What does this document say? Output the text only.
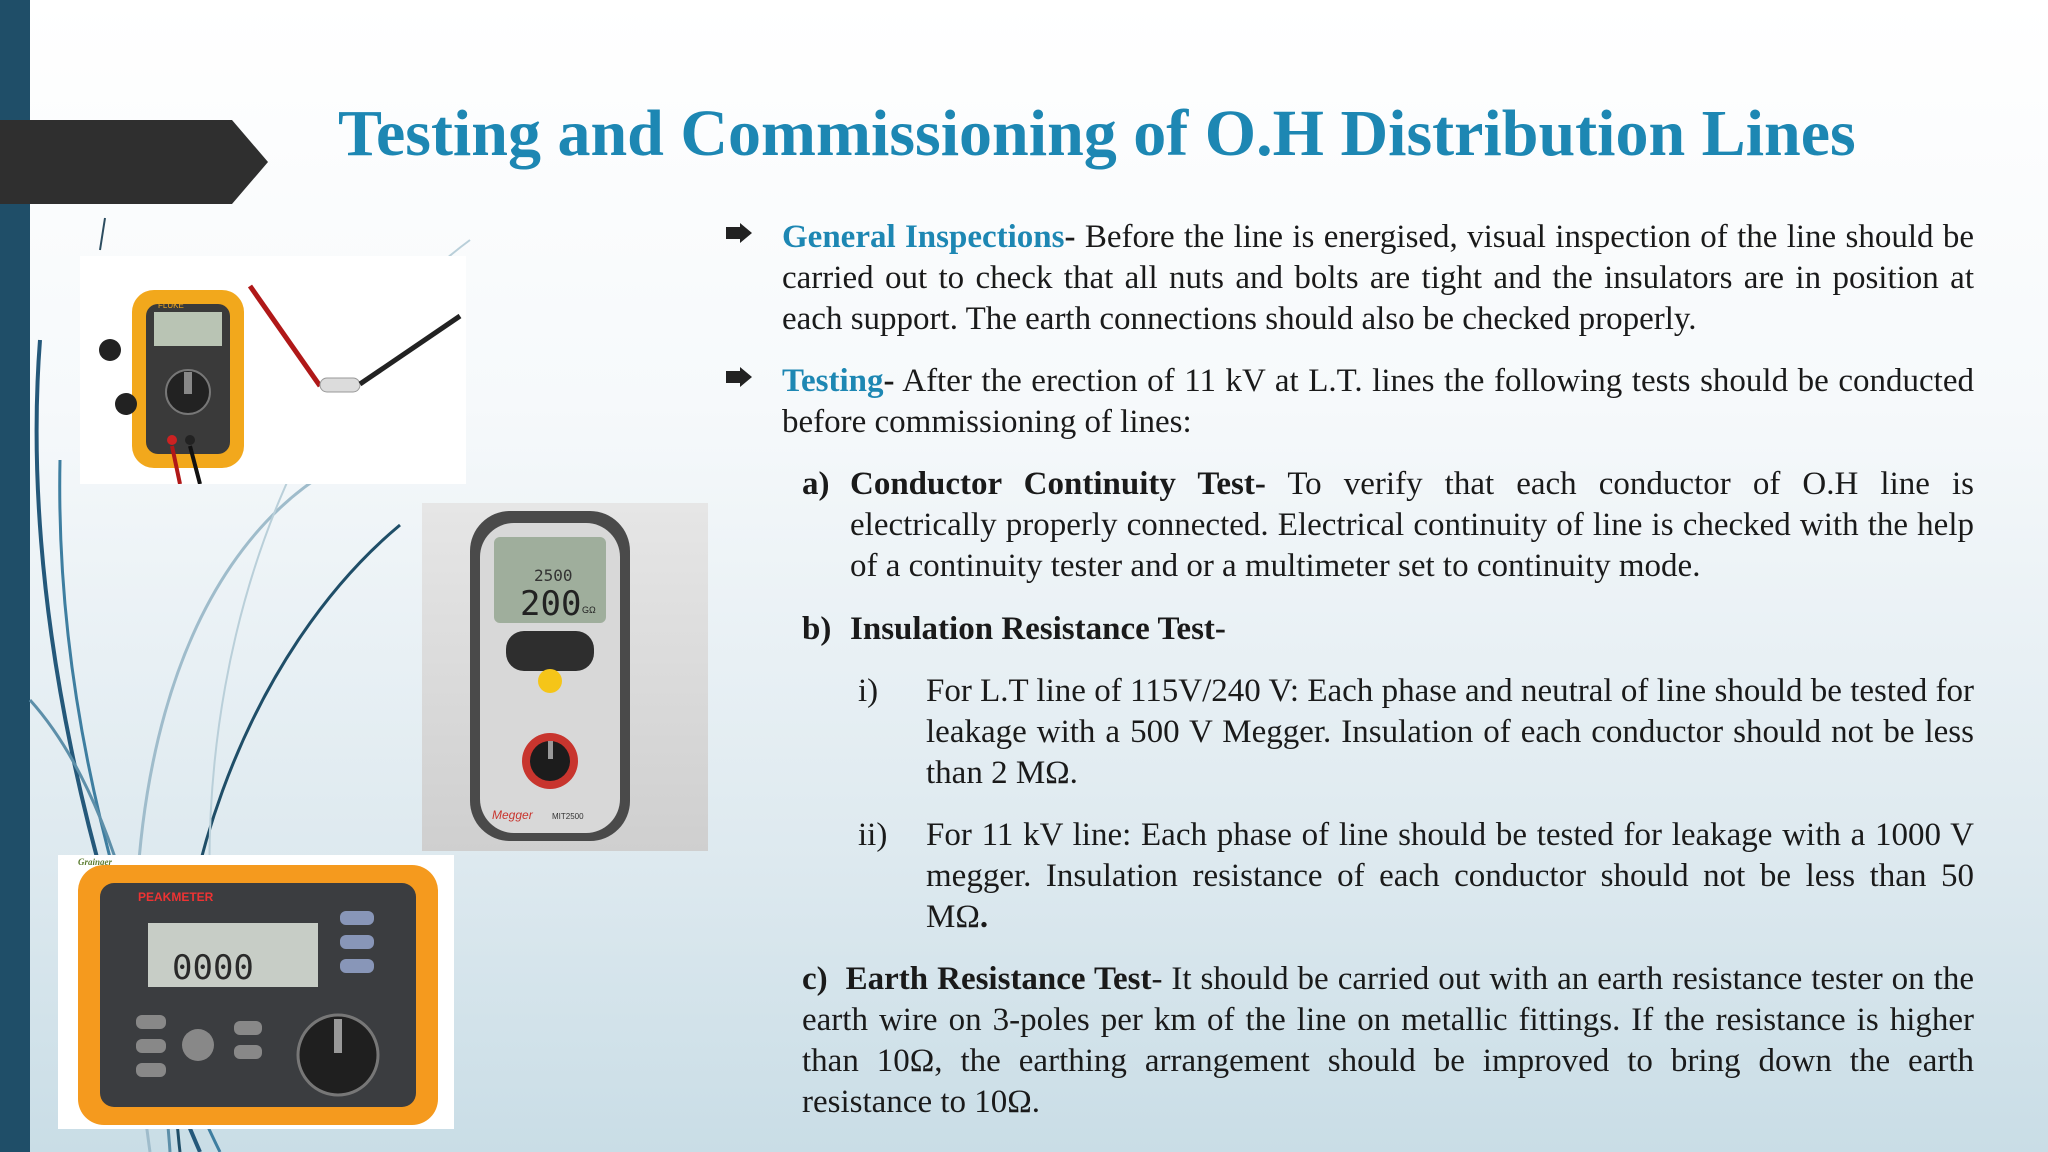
Testing and Commissioning of O.H Distribution Lines
FLUKE
2500
200 GΩ
Megger MIT2500
Grainger
PEAKMETER
0000
General Inspections- Before the line is energised, visual inspection of the line should be carried out to check that all nuts and bolts are tight and the insulators are in position at each support. The earth connections should also be checked properly.
Testing- After the erection of 11 kV at L.T. lines the following tests should be conducted before commissioning of lines:
a) Conductor Continuity Test- To verify that each conductor of O.H line is electrically properly connected. Electrical continuity of line is checked with the help of a continuity tester and or a multimeter set to continuity mode.
b) Insulation Resistance Test-
i) For L.T line of 115V/240 V: Each phase and neutral of line should be tested for leakage with a 500 V Megger. Insulation of each conductor should not be less than 2 MΩ.
ii) For 11 kV line: Each phase of line should be tested for leakage with a 1000 V megger. Insulation resistance of each conductor should not be less than 50 MΩ.
c) Earth Resistance Test- It should be carried out with an earth resistance tester on the earth wire on 3-poles per km of the line on metallic fittings. If the resistance is higher than 10Ω, the earthing arrangement should be improved to bring down the earth resistance to 10Ω.
